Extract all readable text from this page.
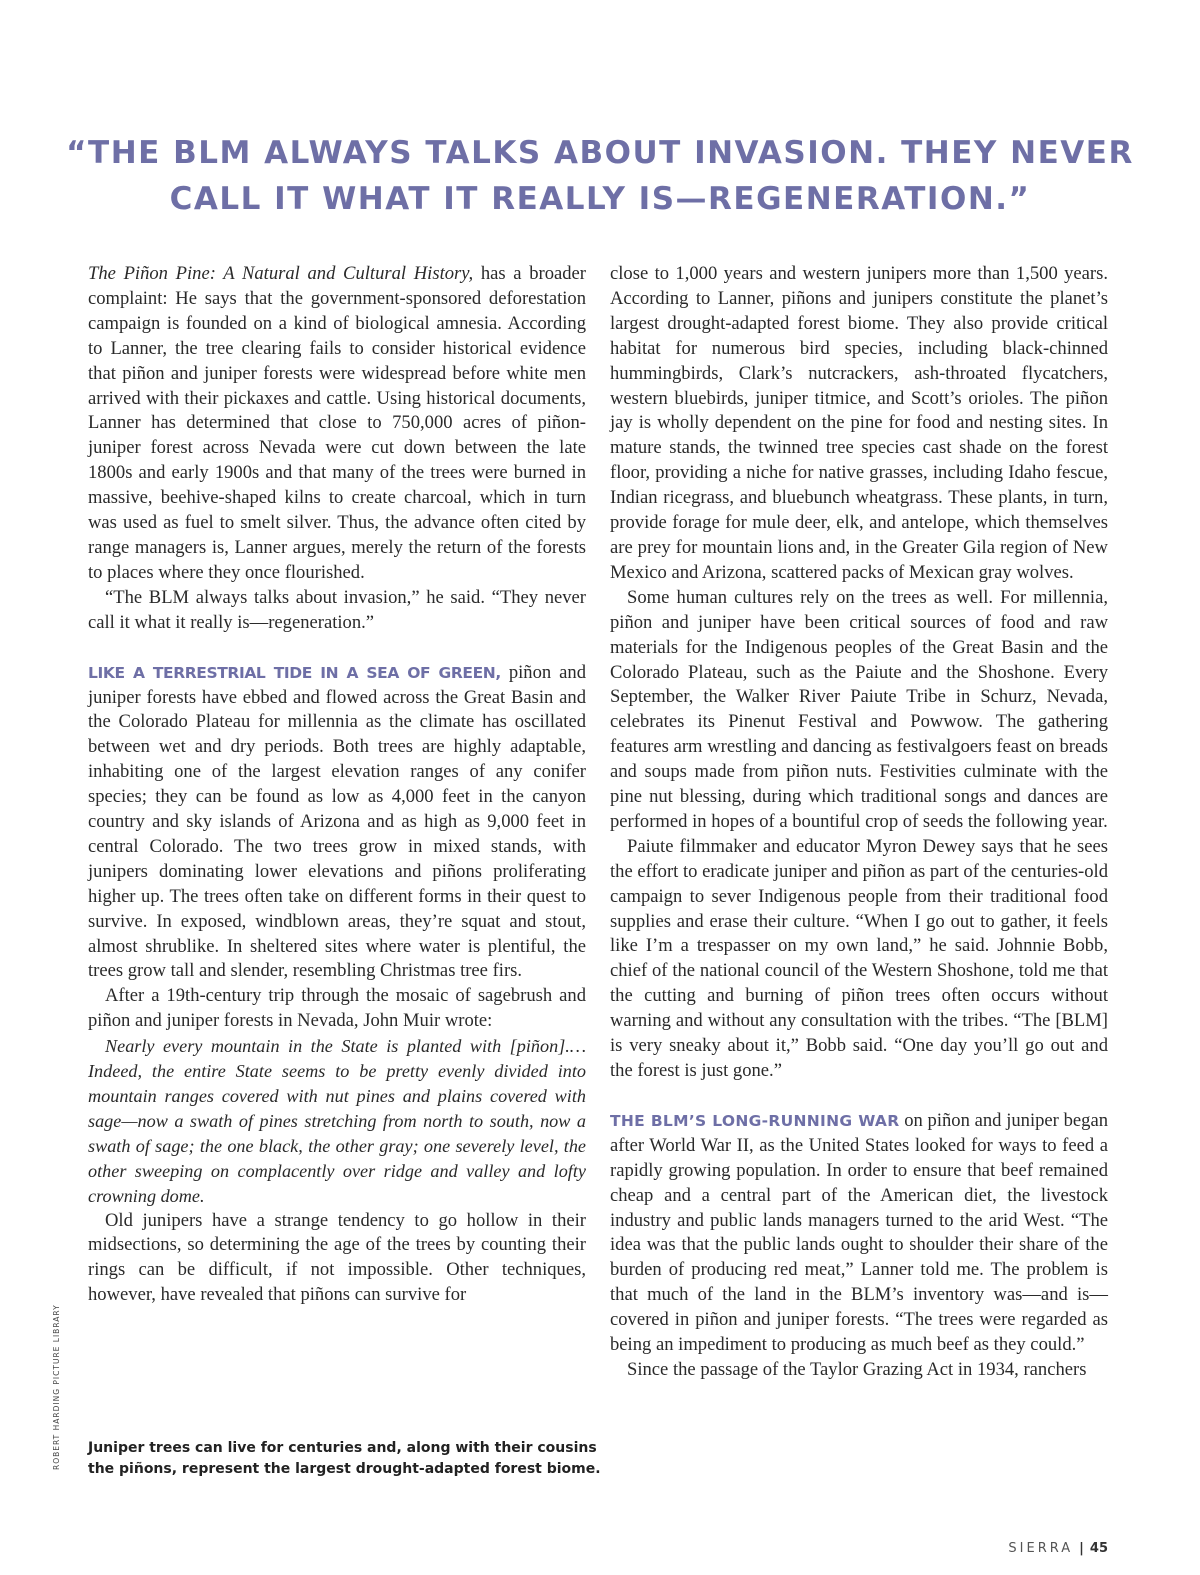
“THE BLM ALWAYS TALKS ABOUT INVASION. THEY NEVER
CALL IT WHAT IT REALLY IS—REGENERATION.”

The Piñon Pine: A Natural and Cultural History, has a broader complaint: He says that the government-sponsored deforestation campaign is founded on a kind of biological amnesia. According to Lanner, the tree clearing fails to consider historical evidence that piñon and juniper forests were widespread before white men arrived with their pickaxes and cattle. Using historical documents, Lanner has determined that close to 750,000 acres of piñon-juniper forest across Nevada were cut down between the late 1800s and early 1900s and that many of the trees were burned in massive, beehive-shaped kilns to create charcoal, which in turn was used as fuel to smelt silver. Thus, the advance often cited by range managers is, Lanner argues, merely the return of the forests to places where they once flourished.

“The BLM always talks about invasion,” he said. “They never call it what it really is—regeneration.”

LIKE A TERRESTRIAL TIDE IN A SEA OF GREEN, piñon and juniper forests have ebbed and flowed across the Great Basin and the Colorado Plateau for millennia as the climate has oscillated between wet and dry periods. Both trees are highly adaptable, inhabiting one of the largest elevation ranges of any conifer species; they can be found as low as 4,000 feet in the canyon country and sky islands of Arizona and as high as 9,000 feet in central Colorado. The two trees grow in mixed stands, with junipers dominating lower elevations and piñons proliferating higher up. The trees often take on different forms in their quest to survive. In exposed, windblown areas, they’re squat and stout, almost shrublike. In sheltered sites where water is plentiful, the trees grow tall and slender, resembling Christmas tree firs.

After a 19th-century trip through the mosaic of sagebrush and piñon and juniper forests in Nevada, John Muir wrote:

Nearly every mountain in the State is planted with [piñon].… Indeed, the entire State seems to be pretty evenly divided into mountain ranges covered with nut pines and plains covered with sage—now a swath of pines stretching from north to south, now a swath of sage; the one black, the other gray; one severely level, the other sweeping on complacently over ridge and valley and lofty crowning dome.

Old junipers have a strange tendency to go hollow in their midsections, so determining the age of the trees by counting their rings can be difficult, if not impossible. Other techniques, however, have revealed that piñons can survive for

close to 1,000 years and western junipers more than 1,500 years. According to Lanner, piñons and junipers constitute the planet’s largest drought-adapted forest biome. They also provide critical habitat for numerous bird species, including black-chinned hummingbirds, Clark’s nutcrackers, ash-throated flycatchers, western bluebirds, juniper titmice, and Scott’s orioles. The piñon jay is wholly dependent on the pine for food and nesting sites. In mature stands, the twinned tree species cast shade on the forest floor, providing a niche for native grasses, including Idaho fescue, Indian ricegrass, and bluebunch wheatgrass. These plants, in turn, provide forage for mule deer, elk, and antelope, which themselves are prey for mountain lions and, in the Greater Gila region of New Mexico and Arizona, scattered packs of Mexican gray wolves.

Some human cultures rely on the trees as well. For millennia, piñon and juniper have been critical sources of food and raw materials for the Indigenous peoples of the Great Basin and the Colorado Plateau, such as the Paiute and the Shoshone. Every September, the Walker River Paiute Tribe in Schurz, Nevada, celebrates its Pinenut Festival and Powwow. The gathering features arm wrestling and dancing as festivalgoers feast on breads and soups made from piñon nuts. Festivities culminate with the pine nut blessing, during which traditional songs and dances are performed in hopes of a bountiful crop of seeds the following year.

Paiute filmmaker and educator Myron Dewey says that he sees the effort to eradicate juniper and piñon as part of the centuries-old campaign to sever Indigenous people from their traditional food supplies and erase their culture. “When I go out to gather, it feels like I’m a trespasser on my own land,” he said. Johnnie Bobb, chief of the national council of the Western Shoshone, told me that the cutting and burning of piñon trees often occurs without warning and without any consultation with the tribes. “The [BLM] is very sneaky about it,” Bobb said. “One day you’ll go out and the forest is just gone.”

THE BLM’S LONG-RUNNING WAR on piñon and juniper began after World War II, as the United States looked for ways to feed a rapidly growing population. In order to ensure that beef remained cheap and a central part of the American diet, the livestock industry and public lands managers turned to the arid West. “The idea was that the public lands ought to shoulder their share of the burden of producing red meat,” Lanner told me. The problem is that much of the land in the BLM’s inventory was—and is—covered in piñon and juniper forests. “The trees were regarded as being an impediment to producing as much beef as they could.”

Since the passage of the Taylor Grazing Act in 1934, ranchers

Juniper trees can live for centuries and, along with their cousins the piñons, represent the largest drought-adapted forest biome.

ROBERT HARDING PICTURE LIBRARY
SIERRA | 45
